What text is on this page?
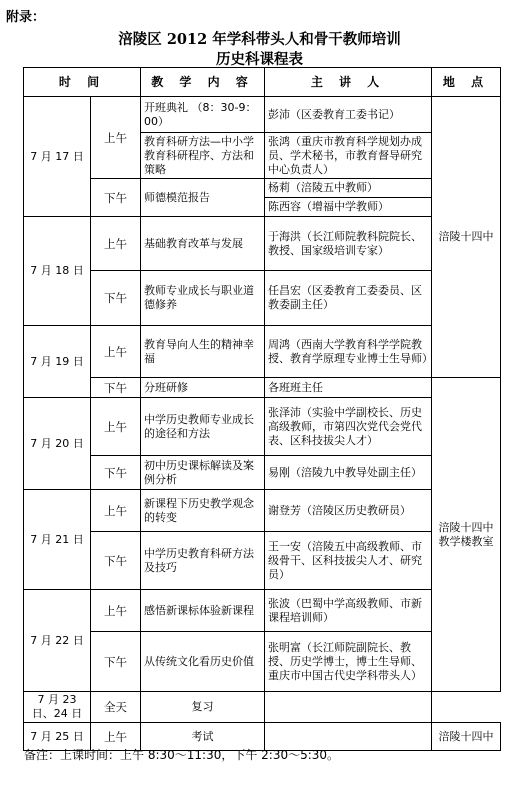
附录：
涪陵区 2012 年学科带头人和骨干教师培训
历史科课程表
时 间		教 学 内 容	主 讲 人	地 点
7 月 17 日	上午	开班典礼 （8：30-9：00）	彭沛（区委教育工委书记）	涪陵十四中
		教育科研方法—中小学教育科研程序、方法和策略	张鸿（重庆市教育科学规划办成员、学术秘书，市教育督导研究中心负责人）	
	下午	师德模范报告	杨莉（涪陵五中教师）	
			陈西容（增福中学教师）	
7 月 18 日	上午	基础教育改革与发展	于海洪（长江师院教科院院长、教授、国家级培训专家）	
	下午	教师专业成长与职业道德修养	任昌宏（区委教育工委委员、区教委副主任）	
7 月 19 日	上午	教育导向人生的精神幸福	周鸿（西南大学教育科学学院教授、教育学原理专业博士生导师）	
	下午	分班研修	各班班主任	涪陵十四中教学楼教室
7 月 20 日	上午	中学历史教师专业成长的途径和方法	张泽沛（实验中学副校长、历史高级教师，市第四次党代会党代表、区科技拔尖人才）	
	下午	初中历史课标解读及案例分析	易刚（涪陵九中教导处副主任）	
7 月 21 日	上午	新课程下历史教学观念的转变	谢登芳（涪陵区历史教研员）	
	下午	中学历史教育科研方法及技巧	王一安（涪陵五中高级教师、市级骨干、区科技拔尖人才、研究员）	
7 月 22 日	上午	感悟新课标体验新课程	张波（巴蜀中学高级教师、市新课程培训师）	
	下午	从传统文化看历史价值	张明富（长江师院副院长、教授、历史学博士，博士生导师、重庆市中国古代史学科带头人）	
7 月 23 日、24 日	全天	复习		
7 月 25 日	上午	考试		涪陵十四中
备注：上课时间：上午 8:30～11:30，下午 2:30～5:30。
